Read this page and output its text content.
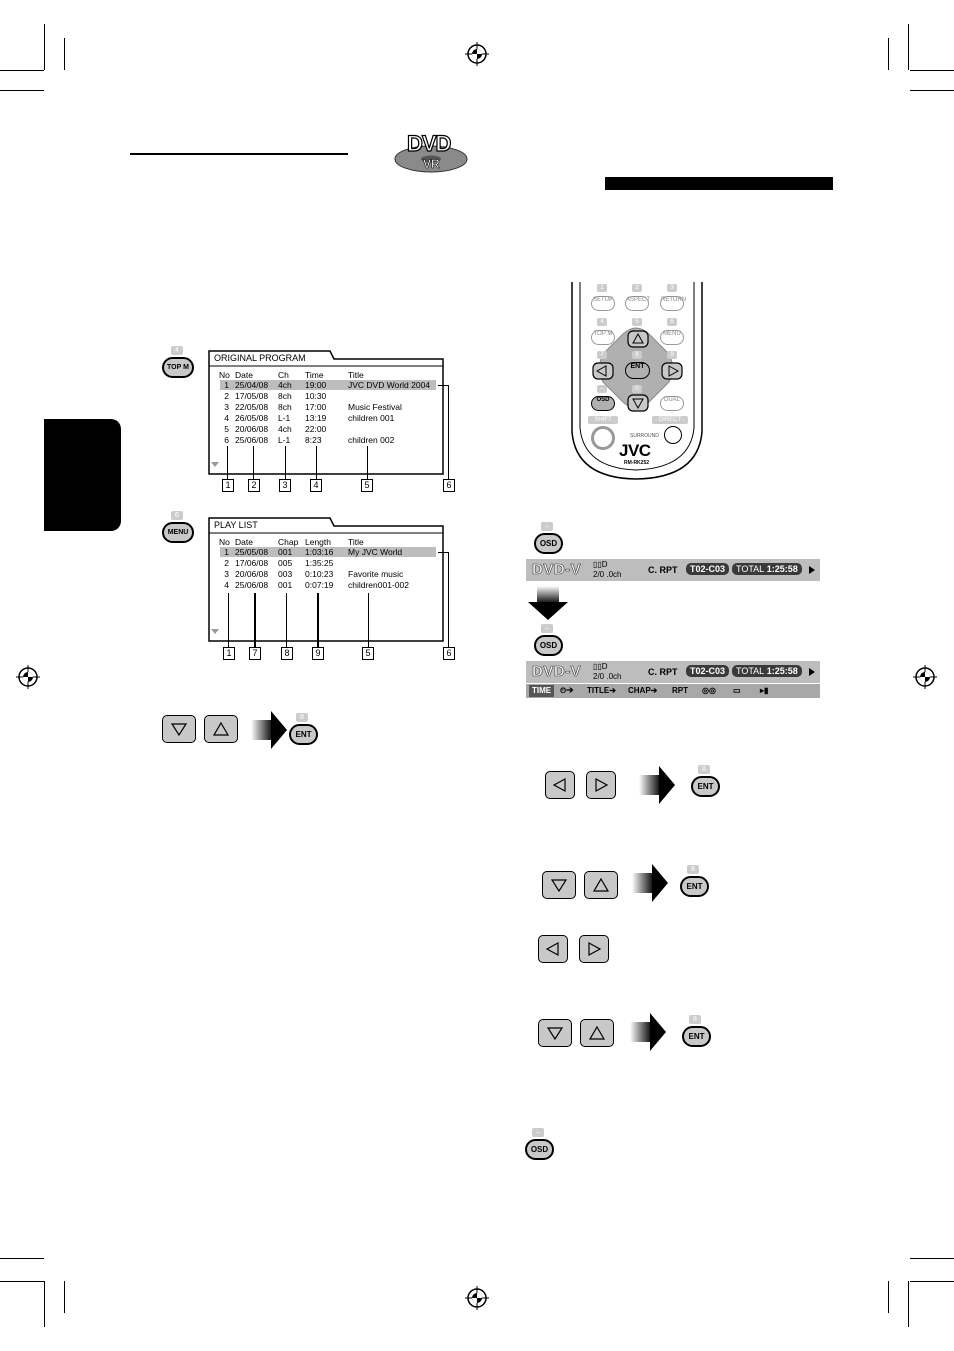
DVD
VR
4
TOP M
6
MENU
ORIGINAL PROGRAM
No Date	Ch Time	Title
1 25/04/08 4ch 19:00	JVC DVD World 2004
2 17/05/08 8ch 10:30
3 22/05/08 8ch 17:00	Music Festival
4 26/05/08 L-1 13:19	children 001
5 20/06/08 4ch 22:00
6 25/06/08 L-1 8:23	children 002
PLAY LIST
No Date	Chap Length Title
1 25/05/08 001 1:03:16 My JVC World
2 17/06/08 005 1:35:25
3 20/06/08 003 0:10:23 Favorite music
4 25/06/08 001 0:07:19 children001-002
1	2	3	4	5	6
1	7	8	9	5	6
8
ENT
1	2	3
SETUP	ASPECT RETURN
4	5	6
TOP M	MENU
7	8	9
ENT
–	0
OSD	DUAL
SHIFT	DIRECT
SURROUND
JVC
RM-RK252
–
OSD
DVD-V ▯▯D
2/0 .0ch	C. RPT	T02-C03	TOTAL 1:25:58
–
OSD
DVD-V ▯▯D
2/0 .0ch	C. RPT	T02-C03	TOTAL 1:25:58
TIME	⏲➔ TITLE➔ CHAP➔ RPT ◎◎ ▭ ▸▮
8
ENT
8
ENT
8
ENT
–
OSD
